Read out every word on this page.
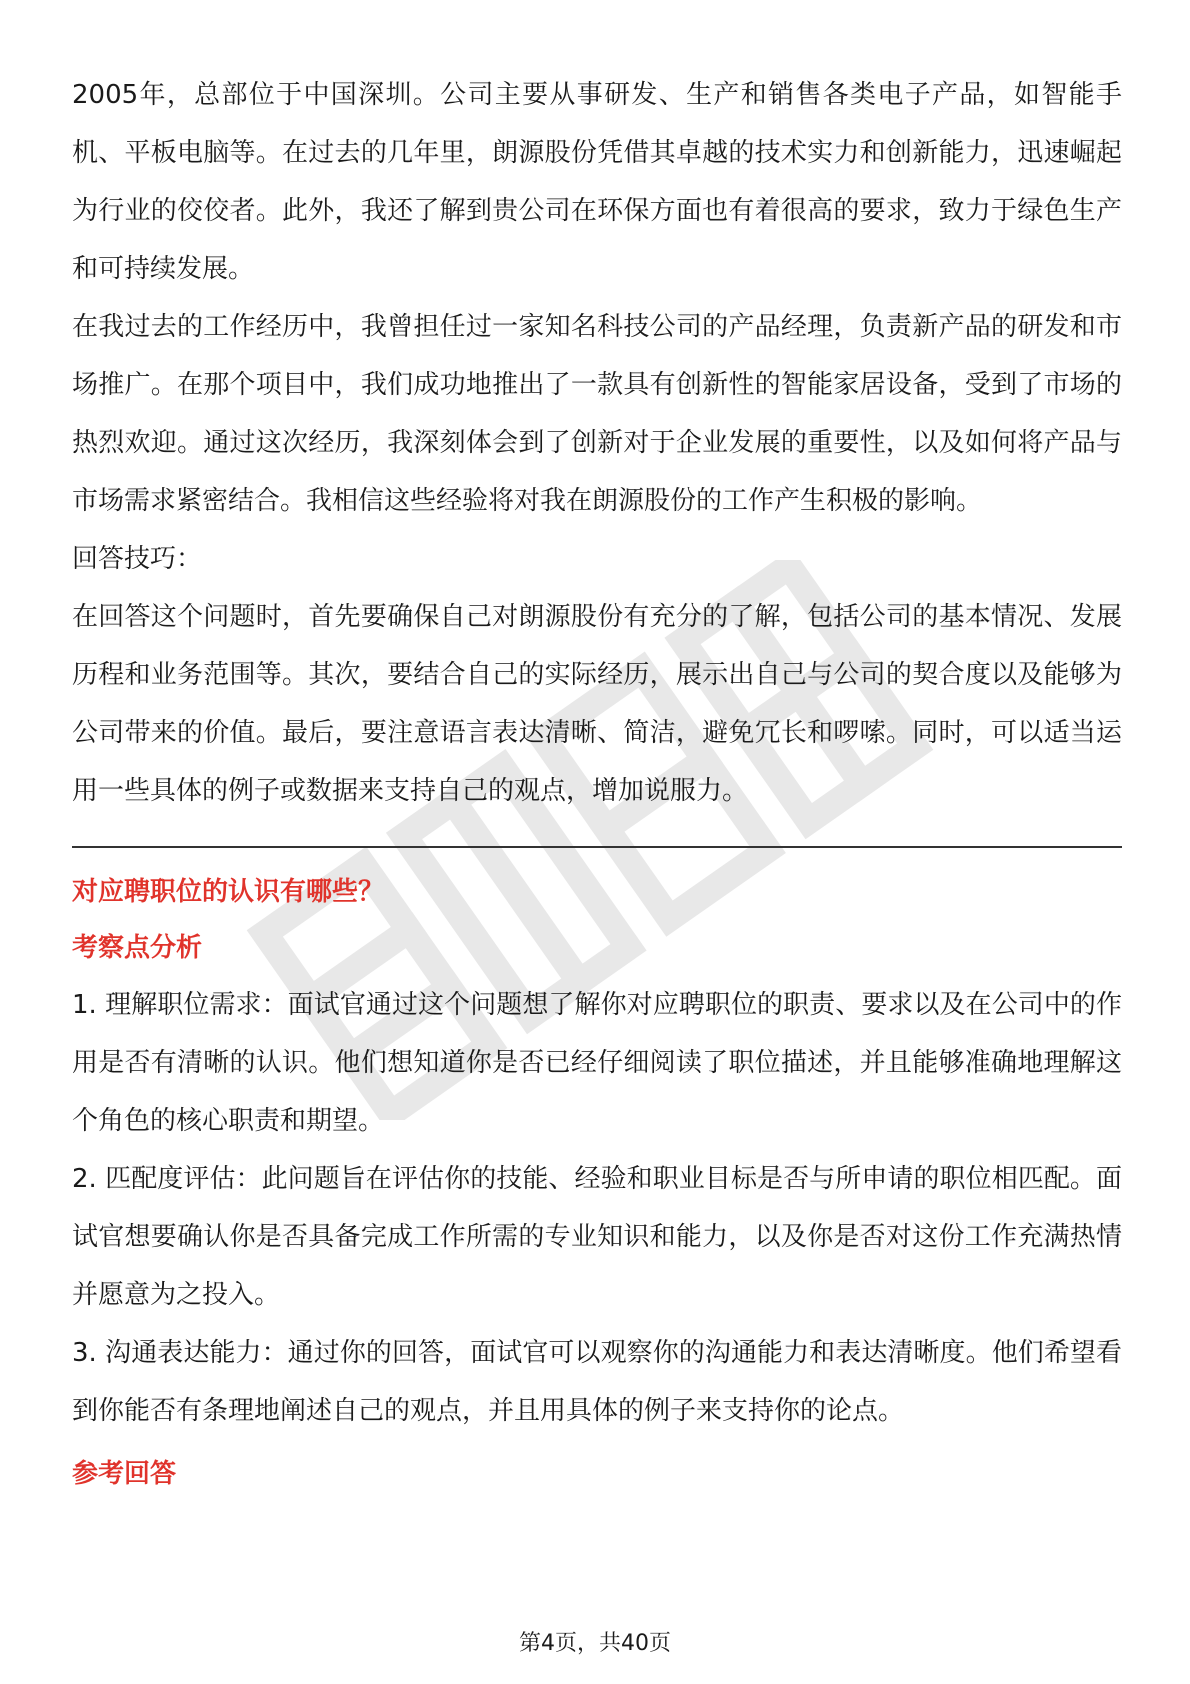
2005年，总部位于中国深圳。公司主要从事研发、生产和销售各类电子产品，如智能手机、平板电脑等。在过去的几年里，朗源股份凭借其卓越的技术实力和创新能力，迅速崛起为行业的佼佼者。此外，我还了解到贵公司在环保方面也有着很高的要求，致力于绿色生产和可持续发展。

在我过去的工作经历中，我曾担任过一家知名科技公司的产品经理，负责新产品的研发和市场推广。在那个项目中，我们成功地推出了一款具有创新性的智能家居设备，受到了市场的热烈欢迎。通过这次经历，我深刻体会到了创新对于企业发展的重要性，以及如何将产品与市场需求紧密结合。我相信这些经验将对我在朗源股份的工作产生积极的影响。

回答技巧：

在回答这个问题时，首先要确保自己对朗源股份有充分的了解，包括公司的基本情况、发展历程和业务范围等。其次，要结合自己的实际经历，展示出自己与公司的契合度以及能够为公司带来的价值。最后，要注意语言表达清晰、简洁，避免冗长和啰嗦。同时，可以适当运用一些具体的例子或数据来支持自己的观点，增加说服力。

对应聘职位的认识有哪些？

考察点分析

1. 理解职位需求：面试官通过这个问题想了解你对应聘职位的职责、要求以及在公司中的作用是否有清晰的认识。他们想知道你是否已经仔细阅读了职位描述，并且能够准确地理解这个角色的核心职责和期望。

2. 匹配度评估：此问题旨在评估你的技能、经验和职业目标是否与所申请的职位相匹配。面试官想要确认你是否具备完成工作所需的专业知识和能力，以及你是否对这份工作充满热情并愿意为之投入。

3. 沟通表达能力：通过你的回答，面试官可以观察你的沟通能力和表达清晰度。他们希望看到你能否有条理地阐述自己的观点，并且用具体的例子来支持你的论点。

参考回答

第4页，共40页
